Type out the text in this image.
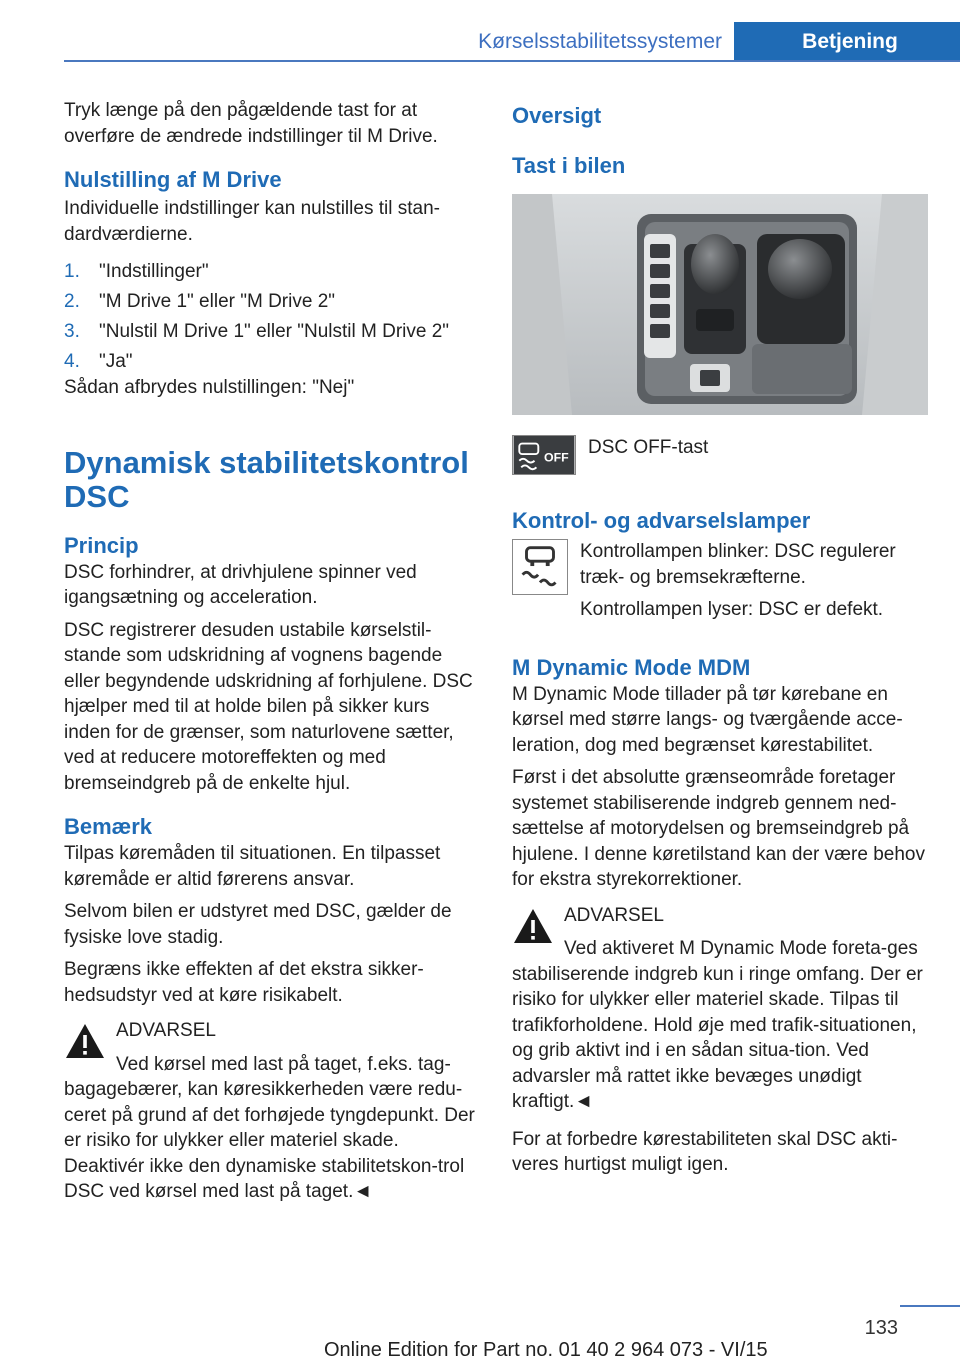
Kørselsstabilitetssystemer	Betjening

Tryk længe på den pågældende tast for at overføre de ændrede indstillinger til M Drive.

Nulstilling af M Drive

Individuelle indstillinger kan nulstilles til stan-dardværdierne.

1.	"Indstillinger"
2.	"M Drive 1" eller "M Drive 2"
3.	"Nulstil M Drive 1" eller "Nulstil M Drive 2"
4.	"Ja"

Sådan afbrydes nulstillingen: "Nej"

Dynamisk stabilitetskontrol DSC
Princip

DSC forhindrer, at drivhjulene spinner ved igangsætning og acceleration.

DSC registrerer desuden ustabile kørselstil-stande som udskridning af vognens bagende eller begyndende udskridning af forhjulene. DSC hjælper med til at holde bilen på sikker kurs inden for de grænser, som naturlovene sætter, ved at reducere motoreffekten og med bremseindgreb på de enkelte hjul.

Bemærk

Tilpas køremåden til situationen. En tilpasset køremåde er altid førerens ansvar.

Selvom bilen er udstyret med DSC, gælder de fysiske love stadig.

Begræns ikke effekten af det ekstra sikker-hedsudstyr ved at køre risikabelt.

ADVARSEL

Ved kørsel med last på taget, f.eks. tag-bagagebærer, kan køresikkerheden være redu-ceret på grund af det forhøjede tyngdepunkt. Der er risiko for ulykker eller materiel skade. Deaktivér ikke den dynamiske stabilitetskon-trol DSC ved kørsel med last på taget.◄

Oversigt
Tast i bilen
OFF DSC OFF-tast

Kontrol- og advarselslamper

Kontrollampen blinker: DSC regulerer træk- og bremsekræfterne.

Kontrollampen lyser: DSC er defekt.

M Dynamic Mode MDM

M Dynamic Mode tillader på tør kørebane en kørsel med større langs- og tværgående acce-leration, dog med begrænset kørestabilitet.

Først i det absolutte grænseområde foretager systemet stabiliserende indgreb gennem ned-sættelse af motorydelsen og bremseindgreb på hjulene. I denne køretilstand kan der være behov for ekstra styrekorrektioner.

ADVARSEL

Ved aktiveret M Dynamic Mode foreta-ges stabiliserende indgreb kun i ringe omfang. Der er risiko for ulykker eller materiel skade. Tilpas til trafikforholdene. Hold øje med trafik-situationen, og grib aktivt ind i en sådan situa-tion. Ved advarsler må rattet ikke bevæges unødigt kraftigt.◄

For at forbedre kørestabiliteten skal DSC akti-veres hurtigst muligt igen.

133
Online Edition for Part no. 01 40 2 964 073 - VI/15
